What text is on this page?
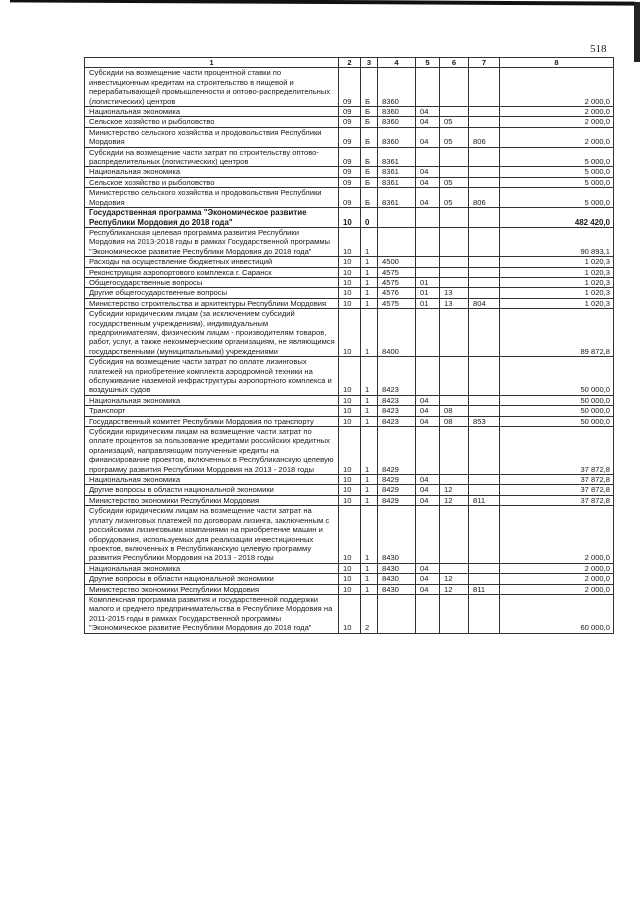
518
1	2	3	4	5	6	7	8
Субсидии на возмещение части процентной ставки по инвестиционным кредитам на строительство в пищевой и перерабатывающей промышленности и оптово-распределительных (логистических) центров	09	Б	8360				2 000,0
Национальная экономика	09	Б	8360	04			2 000,0
Сельское хозяйство и рыболовство	09	Б	8360	04	05		2 000,0
Министерство сельского хозяйства и продовольствия Республики Мордовия	09	Б	8360	04	05	806	2 000,0
Субсидии на возмещение части затрат по строительству оптово-распределительных (логистических) центров	09	Б	8361				5 000,0
Национальная экономика	09	Б	8361	04			5 000,0
Сельское хозяйство и рыболовство	09	Б	8361	04	05		5 000,0
Министерство сельского хозяйства и продовольствия Республики Мордовия	09	Б	8361	04	05	806	5 000,0
Государственная программа "Экономическое развитие Республики Мордовия до 2018 года"	10	0					482 420,0
Республиканская целевая программа развития Республики Мордовия на 2013-2018 годы в рамках Государственной программы "Экономическое развитие Республики Мордовия до 2018 года"	10	1					90 893,1
Расходы на осуществление бюджетных инвестиций	10	1	4500				1 020,3
Реконструкция аэропортового комплекса г. Саранск	10	1	4575				1 020,3
Общегосударственные вопросы	10	1	4575	01			1 020,3
Другие общегосударственные вопросы	10	1	4576	01	13		1 020,3
Министерство строительства и архитектуры Республики Мордовия	10	1	4575	01	13	804	1 020,3
Субсидии юридическим лицам (за исключением субсидий государственным учреждениям), индивидуальным предпринимателям, физическим лицам - производителям товаров, работ, услуг, а также некоммерческим организациям, не являющимся государственными (муниципальными) учреждениями	10	1	8400				89 872,8
Субсидия на возмещение части затрат по оплате лизинговых платежей на приобретение комплекта аэродромной техники на обслуживание наземной инфраструктуры аэропортного комплекса и воздушных судов	10	1	8423				50 000,0
Национальная экономика	10	1	8423	04			50 000,0
Транспорт	10	1	8423	04	08		50 000,0
Государственный комитет Республики Мордовия по транспорту	10	1	8423	04	08	853	50 000,0
Субсидии юридическим лицам на возмещение части затрат по оплате процентов за пользование кредитами российских кредитных организаций, направляющим полученные кредиты на финансирование проектов, включенных в Республиканскую целевую программу развития Республики Мордовия на 2013 - 2018 годы	10	1	8429				37 872,8
Национальная экономика	10	1	8429	04			37 872,8
Другие вопросы в области национальной экономики	10	1	8429	04	12		37 872,8
Министерство экономики Республики Мордовия	10	1	8429	04	12	811	37 872,8
Субсидии юридическим лицам на возмещение части затрат на уплату лизинговых платежей по договорам лизинга, заключенным с российскими лизинговыми компаниями на приобретение машин и оборудования, используемых для реализации инвестиционных проектов, включенных в Республиканскую целевую программу развития Республики Мордовия на 2013 - 2018 годы	10	1	8430				2 000,0
Национальная экономика	10	1	8430	04			2 000,0
Другие вопросы в области национальной экономики	10	1	8430	04	12		2 000,0
Министерство экономики Республики Мордовия	10	1	8430	04	12	811	2 000,0
Комплексная программа развития и государственной поддержки малого и среднего предпринимательства в Республике Мордовия на 2011-2015 годы в рамках Государственной программы "Экономическое развитие Республики Мордовия до 2018 года"	10	2					60 000,0
